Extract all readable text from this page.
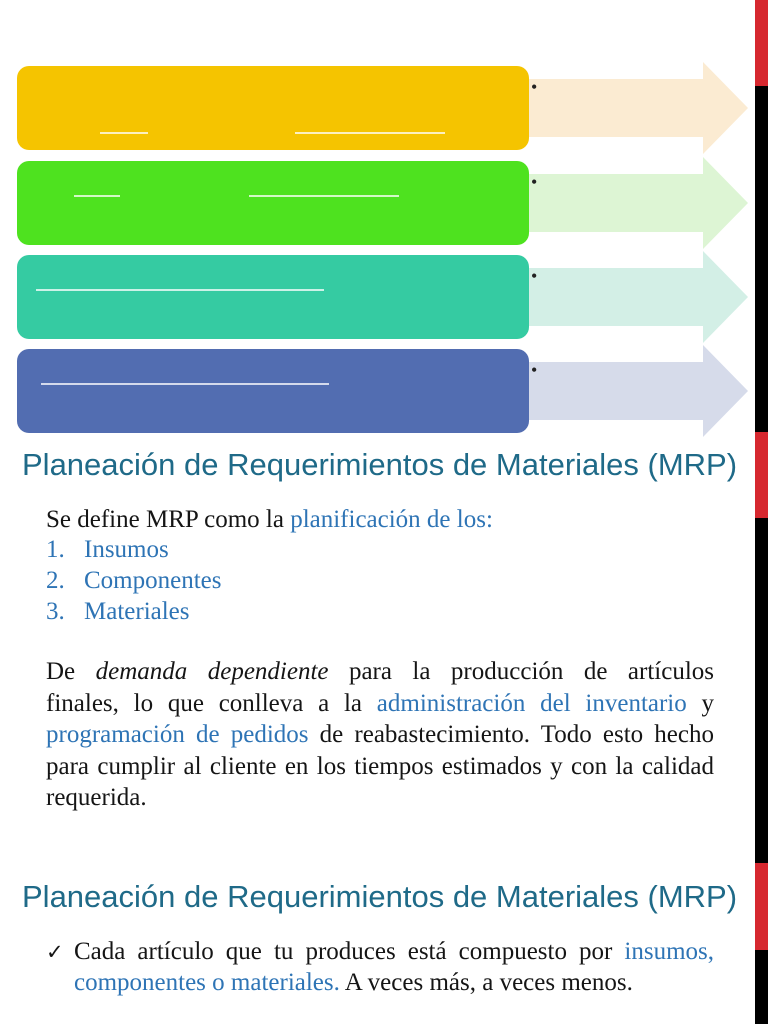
•
•
•
•
Planeación de Requerimientos de Materiales (MRP)
Se define MRP como la planificación de los:
1. Insumos
2. Componentes
3. Materiales
De demanda dependiente para la producción de artículos
finales, lo que conlleva a la administración del inventario y
programación de pedidos de reabastecimiento. Todo esto hecho
para cumplir al cliente en los tiempos estimados y con la calidad
requerida.
Planeación de Requerimientos de Materiales (MRP)
✓ Cada artículo que tu produces está compuesto por insumos,
componentes o materiales. A veces más, a veces menos.
